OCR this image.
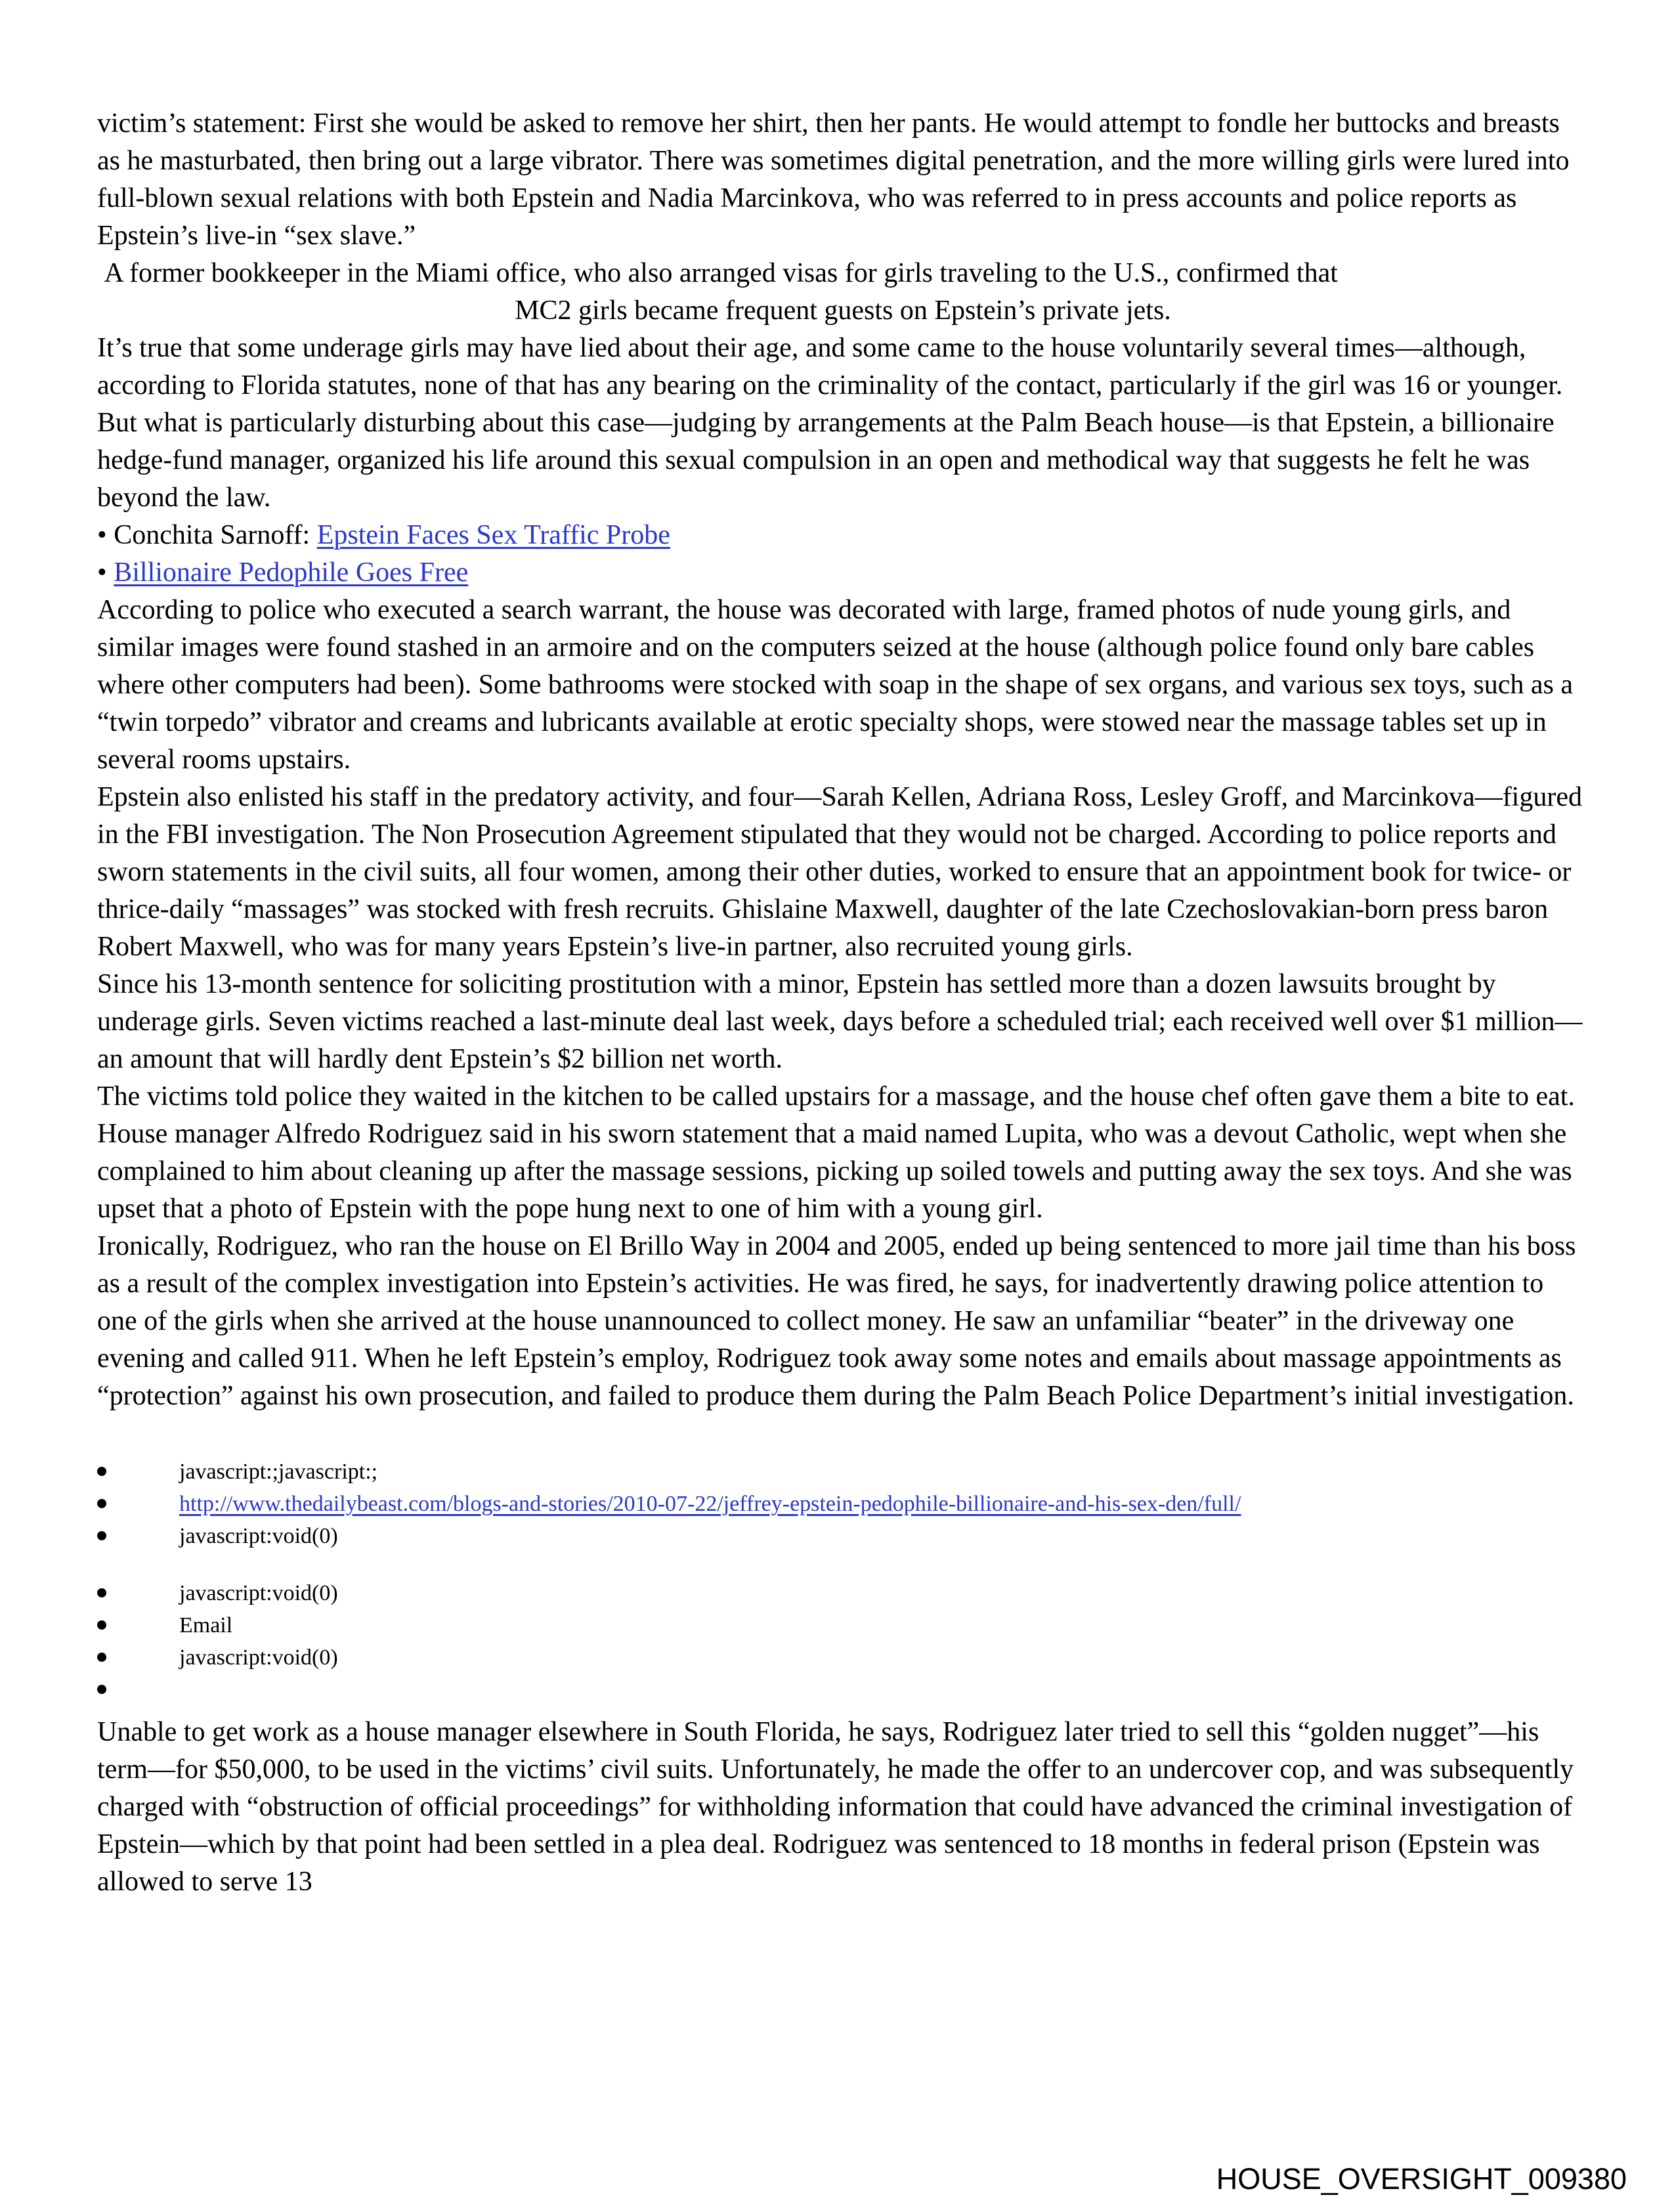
victim’s statement: First she would be asked to remove her shirt, then her pants. He would attempt to fondle her buttocks and breasts as he masturbated, then bring out a large vibrator. There was sometimes digital penetration, and the more willing girls were lured into full-blown sexual relations with both Epstein and Nadia Marcinkova, who was referred to in press accounts and police reports as Epstein’s live-in “sex slave.”

A former bookkeeper in the Miami office, who also arranged visas for girls traveling to the U.S., confirmed that

MC2 girls became frequent guests on Epstein’s private jets.

It’s true that some underage girls may have lied about their age, and some came to the house voluntarily several times—although, according to Florida statutes, none of that has any bearing on the criminality of the contact, particularly if the girl was 16 or younger. But what is particularly disturbing about this case—judging by arrangements at the Palm Beach house—is that Epstein, a billionaire hedge-fund manager, organized his life around this sexual compulsion in an open and methodical way that suggests he felt he was beyond the law.

• Conchita Sarnoff: Epstein Faces Sex Traffic Probe

• Billionaire Pedophile Goes Free

According to police who executed a search warrant, the house was decorated with large, framed photos of nude young girls, and similar images were found stashed in an armoire and on the computers seized at the house (although police found only bare cables where other computers had been). Some bathrooms were stocked with soap in the shape of sex organs, and various sex toys, such as a “twin torpedo” vibrator and creams and lubricants available at erotic specialty shops, were stowed near the massage tables set up in several rooms upstairs.

Epstein also enlisted his staff in the predatory activity, and four—Sarah Kellen, Adriana Ross, Lesley Groff, and Marcinkova—figured in the FBI investigation. The Non Prosecution Agreement stipulated that they would not be charged. According to police reports and sworn statements in the civil suits, all four women, among their other duties, worked to ensure that an appointment book for twice- or thrice-daily “massages” was stocked with fresh recruits. Ghislaine Maxwell, daughter of the late Czechoslovakian-born press baron Robert Maxwell, who was for many years Epstein’s live-in partner, also recruited young girls.

Since his 13-month sentence for soliciting prostitution with a minor, Epstein has settled more than a dozen lawsuits brought by underage girls. Seven victims reached a last-minute deal last week, days before a scheduled trial; each received well over $1 million—an amount that will hardly dent Epstein’s $2 billion net worth.

The victims told police they waited in the kitchen to be called upstairs for a massage, and the house chef often gave them a bite to eat. House manager Alfredo Rodriguez said in his sworn statement that a maid named Lupita, who was a devout Catholic, wept when she complained to him about cleaning up after the massage sessions, picking up soiled towels and putting away the sex toys. And she was upset that a photo of Epstein with the pope hung next to one of him with a young girl.

Ironically, Rodriguez, who ran the house on El Brillo Way in 2004 and 2005, ended up being sentenced to more jail time than his boss as a result of the complex investigation into Epstein’s activities. He was fired, he says, for inadvertently drawing police attention to one of the girls when she arrived at the house unannounced to collect money. He saw an unfamiliar “beater” in the driveway one evening and called 911. When he left Epstein’s employ, Rodriguez took away some notes and emails about massage appointments as “protection” against his own prosecution, and failed to produce them during the Palm Beach Police Department’s initial investigation.

javascript:;javascript:;
http://www.thedailybeast.com/blogs-and-stories/2010-07-22/jeffrey-epstein-pedophile-billionaire-and-his-sex-den/full/
javascript:void(0)
javascript:void(0)
Email
javascript:void(0)

Unable to get work as a house manager elsewhere in South Florida, he says, Rodriguez later tried to sell this “golden nugget”—his term—for $50,000, to be used in the victims’ civil suits. Unfortunately, he made the offer to an undercover cop, and was subsequently charged with “obstruction of official proceedings” for withholding information that could have advanced the criminal investigation of Epstein—which by that point had been settled in a plea deal. Rodriguez was sentenced to 18 months in federal prison (Epstein was allowed to serve 13

HOUSE_OVERSIGHT_009380
